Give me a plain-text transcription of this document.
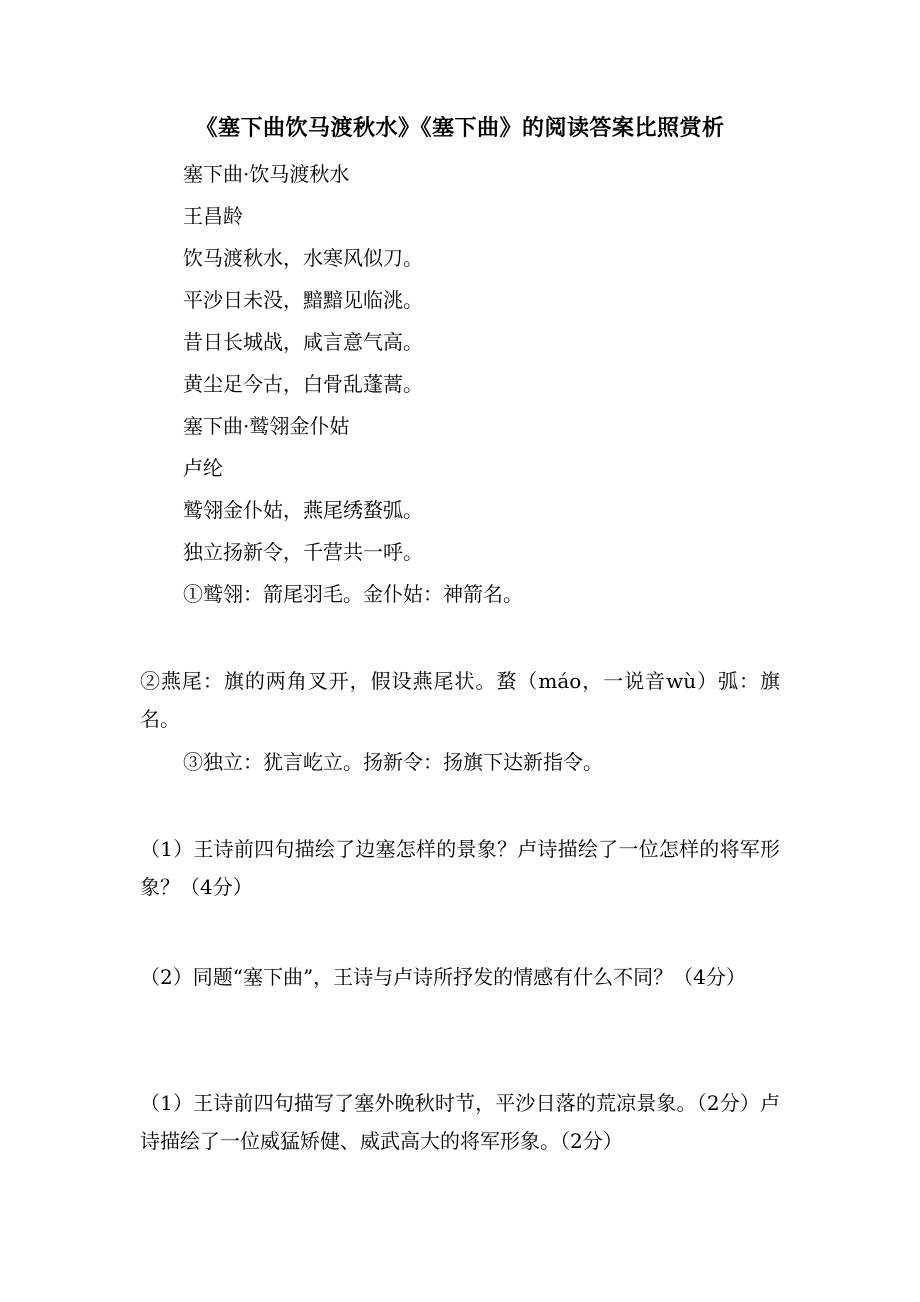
《塞下曲饮马渡秋水》《塞下曲》的阅读答案比照赏析
塞下曲·饮马渡秋水
王昌龄
饮马渡秋水，水寒风似刀。
平沙日未没，黯黯见临洮。
昔日长城战，咸言意气高。
黄尘足今古，白骨乱蓬蒿。
塞下曲·鹫翎金仆姑
卢纶
鹫翎金仆姑，燕尾绣蝥弧。
独立扬新令，千营共一呼。
①鹫翎：箭尾羽毛。金仆姑：神箭名。
②燕尾：旗的两角叉开，假设燕尾状。蝥（máo，一说音wù）弧：旗名。
③独立：犹言屹立。扬新令：扬旗下达新指令。
（1）王诗前四句描绘了边塞怎样的景象？卢诗描绘了一位怎样的将军形象？（4分）
（2）同题“塞下曲”，王诗与卢诗所抒发的情感有什么不同？（4分）
（1）王诗前四句描写了塞外晚秋时节，平沙日落的荒凉景象。（2分）卢诗描绘了一位威猛矫健、威武高大的将军形象。（2分）
